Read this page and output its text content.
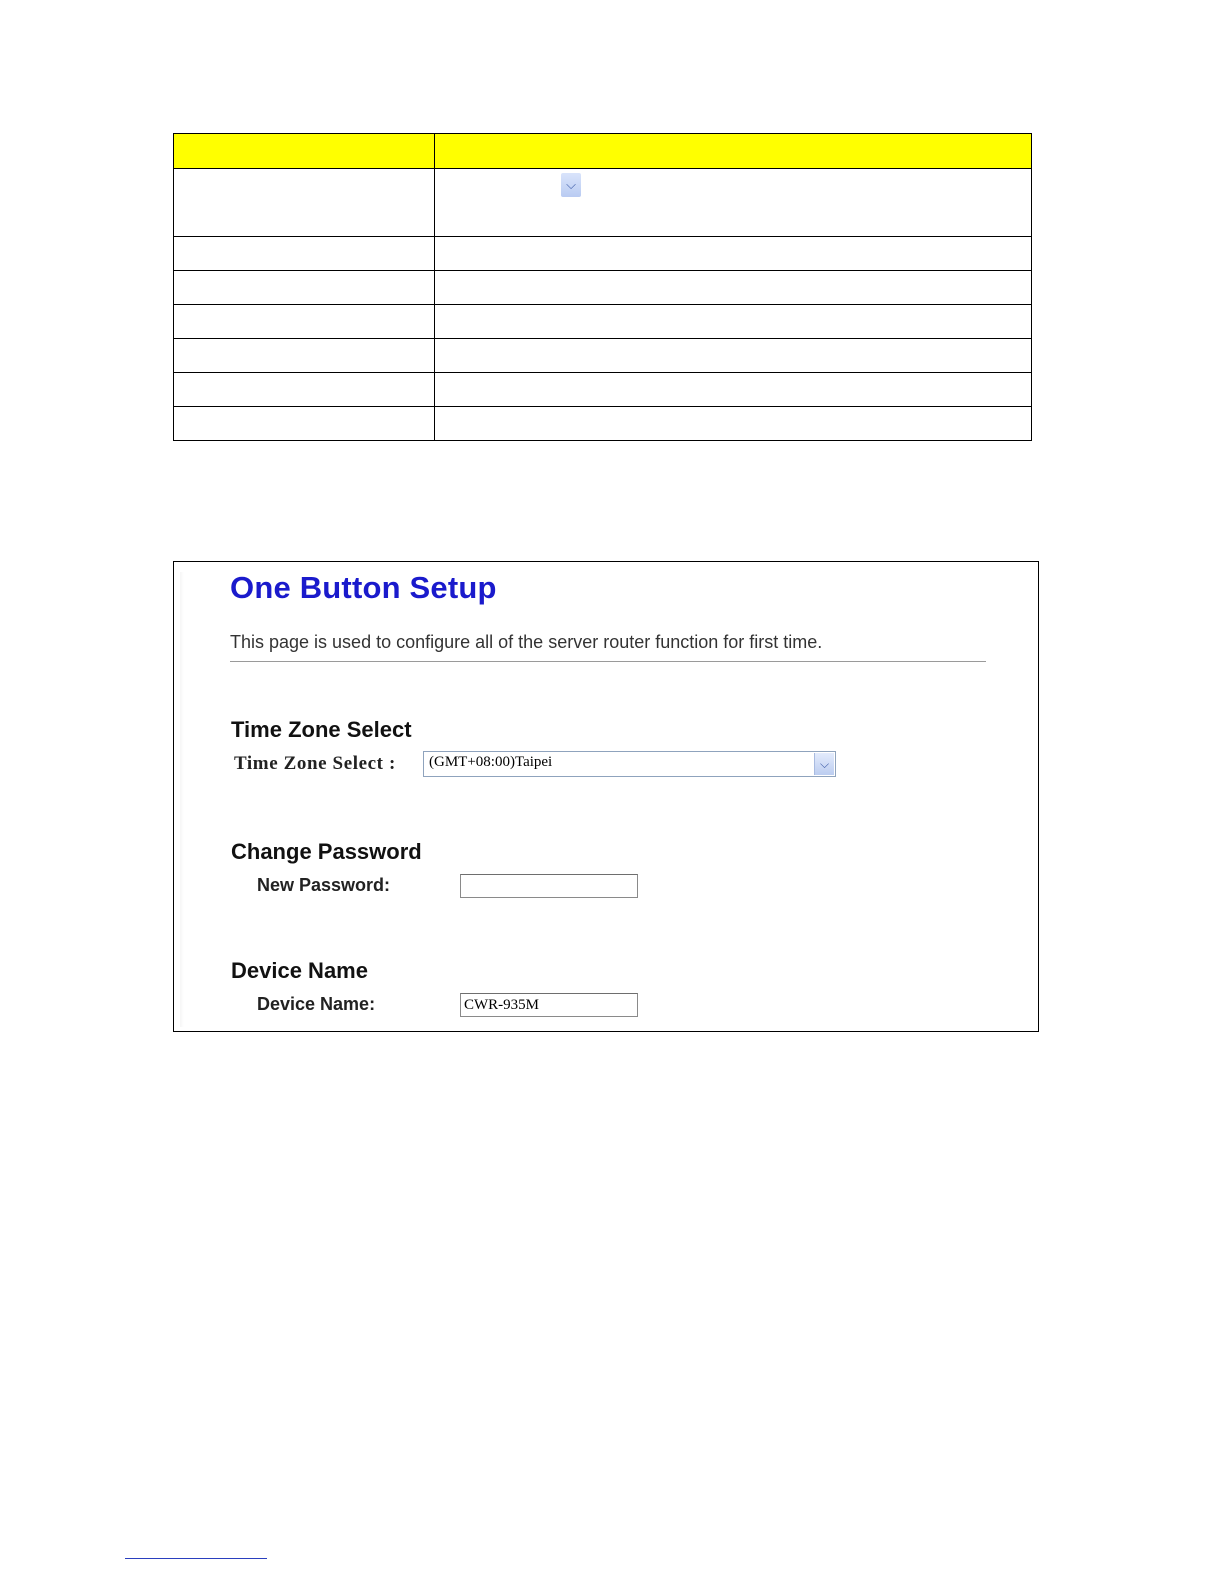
⌵

One Button Setup

This page is used to configure all of the server router function for first time.

Time Zone Select
Time Zone Select : (GMT+08:00)Taipei	⌵
Change Password
New Password:
Device Name
Device Name:
CWR-935M
